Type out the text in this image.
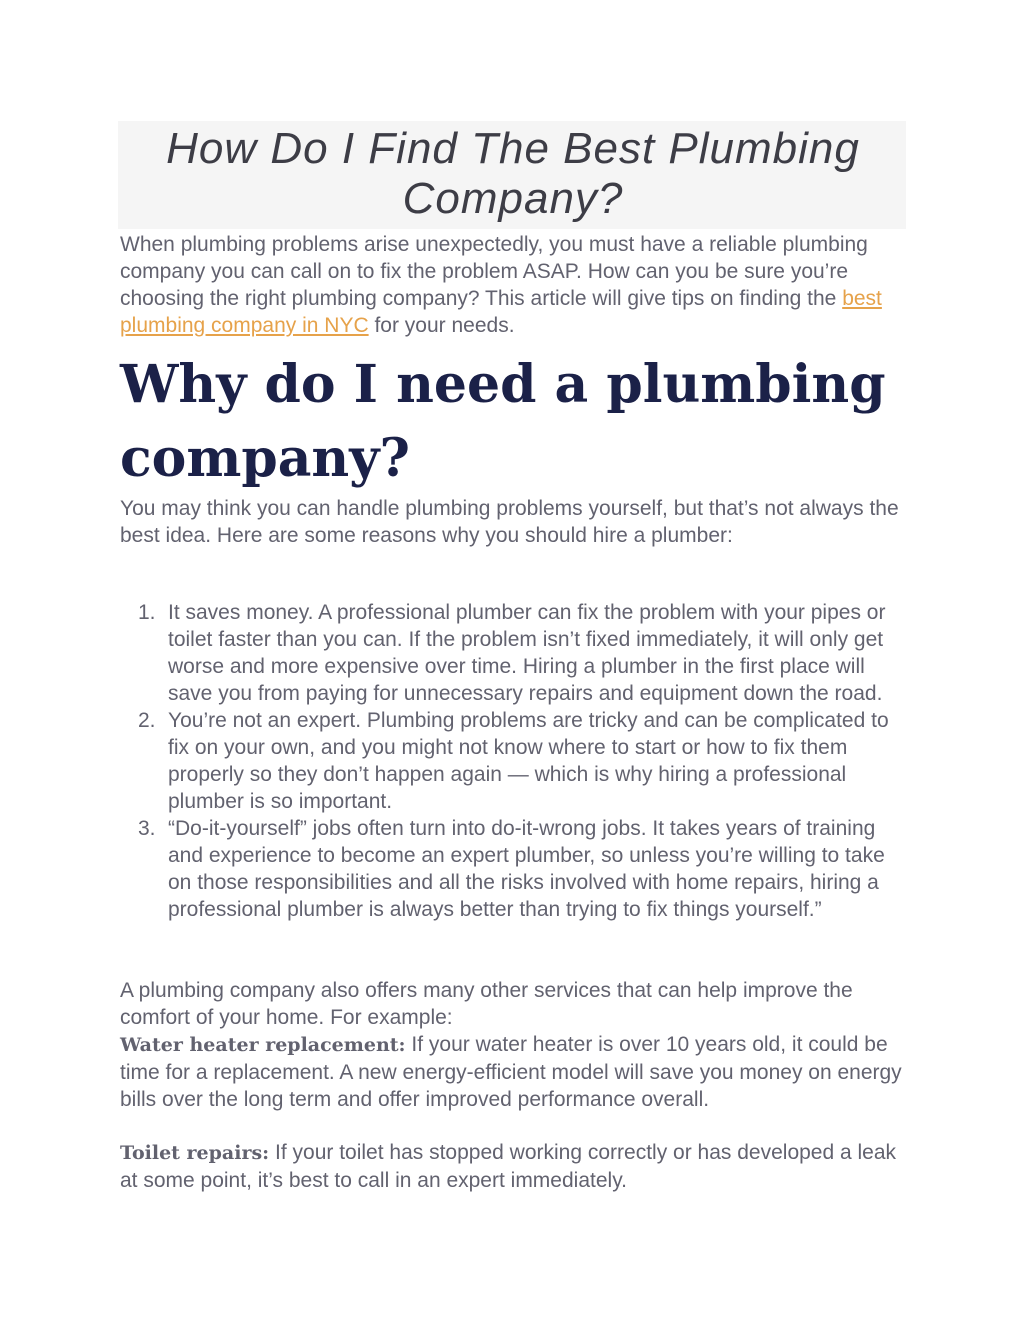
How Do I Find The Best Plumbing Company?

When plumbing problems arise unexpectedly, you must have a reliable plumbing company you can call on to fix the problem ASAP. How can you be sure you’re choosing the right plumbing company? This article will give tips on finding the best plumbing company in NYC for your needs.

Why do I need a plumbing company?

You may think you can handle plumbing problems yourself, but that’s not always the best idea. Here are some reasons why you should hire a plumber:

1. It saves money. A professional plumber can fix the problem with your pipes or toilet faster than you can. If the problem isn’t fixed immediately, it will only get worse and more expensive over time. Hiring a plumber in the first place will save you from paying for unnecessary repairs and equipment down the road.
2. You’re not an expert. Plumbing problems are tricky and can be complicated to fix on your own, and you might not know where to start or how to fix them properly so they don’t happen again — which is why hiring a professional plumber is so important.
3. “Do-it-yourself” jobs often turn into do-it-wrong jobs. It takes years of training and experience to become an expert plumber, so unless you’re willing to take on those responsibilities and all the risks involved with home repairs, hiring a professional plumber is always better than trying to fix things yourself.”

A plumbing company also offers many other services that can help improve the comfort of your home. For example:

Water heater replacement: If your water heater is over 10 years old, it could be time for a replacement. A new energy-efficient model will save you money on energy bills over the long term and offer improved performance overall.

Toilet repairs: If your toilet has stopped working correctly or has developed a leak at some point, it’s best to call in an expert immediately.
